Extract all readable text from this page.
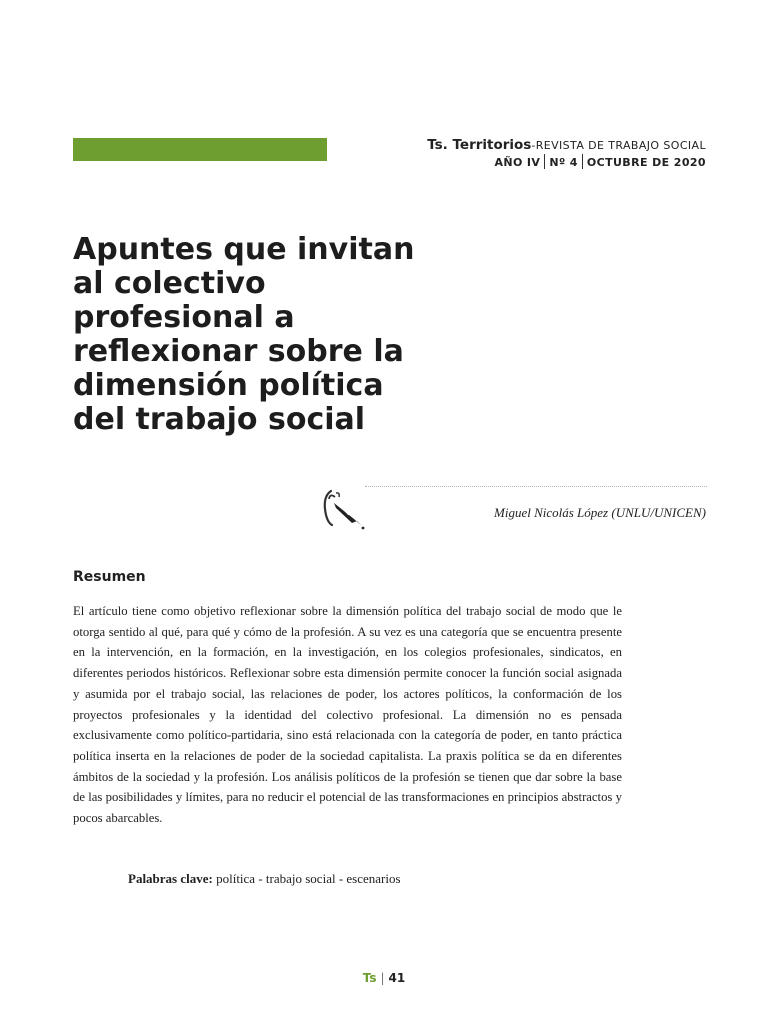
Ts. Territorios-REVISTA DE TRABAJO SOCIAL
AÑO IV Nº 4 OCTUBRE DE 2020
Apuntes que invitan al colectivo profesional a reflexionar sobre la dimensión política del trabajo social
Miguel Nicolás López (UNLU/UNICEN)
Resumen

El artículo tiene como objetivo reflexionar sobre la dimensión política del trabajo social de modo que le otorga sentido al qué, para qué y cómo de la profesión. A su vez es una categoría que se encuentra presente en la intervención, en la formación, en la investigación, en los colegios profesionales, sindicatos, en diferentes periodos históricos. Reflexionar sobre esta dimensión permite conocer la función social asignada y asumida por el trabajo social, las relaciones de poder, los actores políticos, la conformación de los proyectos profesionales y la identidad del colectivo profesional. La dimensión no es pensada exclusivamente como político-partidaria, sino está relacionada con la categoría de poder, en tanto práctica política inserta en la relaciones de poder de la sociedad capitalista. La praxis política se da en diferentes ámbitos de la sociedad y la profesión. Los análisis políticos de la profesión se tienen que dar sobre la base de las posibilidades y límites, para no reducir el potencial de las transformaciones en principios abstractos y pocos abarcables.

Palabras clave: política - trabajo social - escenarios
Ts | 41
